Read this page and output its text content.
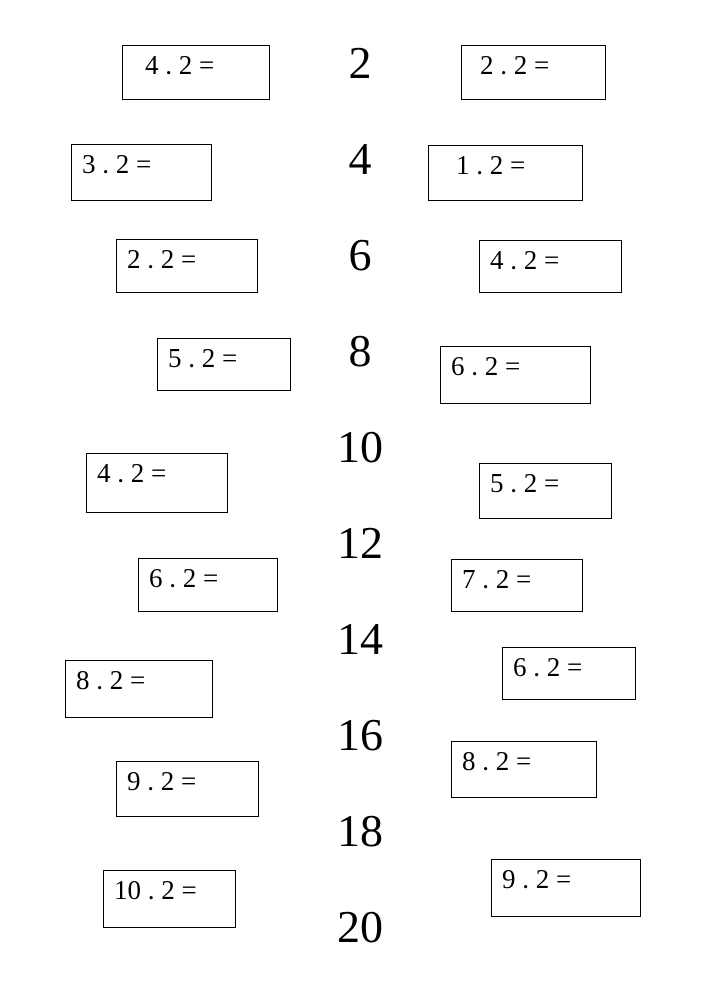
4 . 2 =
3 . 2 =
2 . 2 =
5 . 2 =
4 . 2 =
6 . 2 =
8 . 2 =
9 . 2 =
10 . 2 =
2
4
6
8
10
12
14
16
18
20
2 . 2 =
1 . 2 =
4 . 2 =
6 . 2 =
5 . 2 =
7 . 2 =
6 . 2 =
8 . 2 =
9 . 2 =
